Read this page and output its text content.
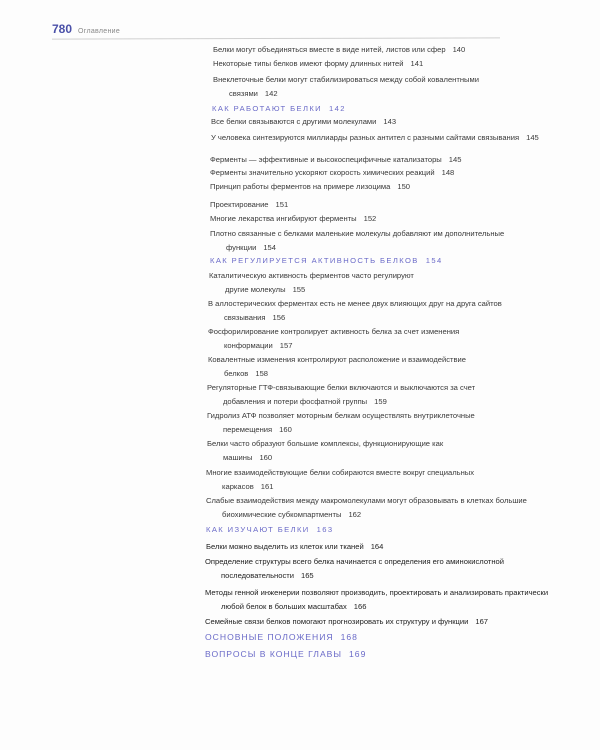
780 Оглавление
Белки могут объединяться вместе в виде нитей, листов или сфер 140
Некоторые типы белков имеют форму длинных нитей 141
Внеклеточные белки могут стабилизироваться между собой ковалентными связями 142
КАК РАБОТАЮТ БЕЛКИ 142
Все белки связываются с другими молекулами 143
У человека синтезируются миллиарды разных антител с разными сайтами связывания 145
Ферменты — эффективные и высокоспецифичные катализаторы 145
Ферменты значительно ускоряют скорость химических реакций 148
Принцип работы ферментов на примере лизоцима 150
Проектирование 151
Многие лекарства ингибируют ферменты 152
Плотно связанные с белками маленькие молекулы добавляют им дополнительные функции 154
КАК РЕГУЛИРУЕТСЯ АКТИВНОСТЬ БЕЛКОВ 154
Каталитическую активность ферментов часто регулируют другие молекулы 155
В аллостерических ферментах есть не менее двух влияющих друг на друга сайтов связывания 156
Фосфорилирование контролирует активность белка за счет изменения конформации 157
Ковалентные изменения контролируют расположение и взаимодействие белков 158
Регуляторные ГТФ-связывающие белки включаются и выключаются за счет добавления и потери фосфатной группы 159
Гидролиз АТФ позволяет моторным белкам осуществлять внутриклеточные перемещения 160
Белки часто образуют большие комплексы, функционирующие как машины 160
Многие взаимодействующие белки собираются вместе вокруг специальных каркасов 161
Слабые взаимодействия между макромолекулами могут образовывать в клетках большие биохимические субкомпартменты 162
КАК ИЗУЧАЮТ БЕЛКИ 163
Белки можно выделить из клеток или тканей 164
Определение структуры всего белка начинается с определения его аминокислотной последовательности 165
Методы генной инженерии позволяют производить, проектировать и анализировать практически любой белок в больших масштабах 166
Семейные связи белков помогают прогнозировать их структуру и функции 167
ОСНОВНЫЕ ПОЛОЖЕНИЯ 168
ВОПРОСЫ В КОНЦЕ ГЛАВЫ 169
